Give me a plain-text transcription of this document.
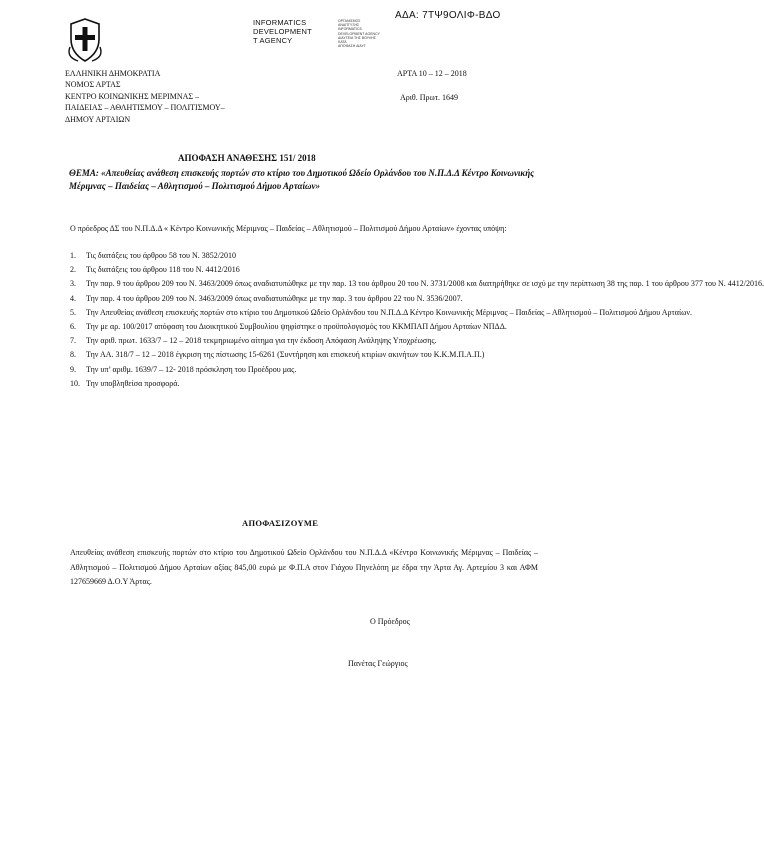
ΑΔΑ: 7ΤΨ9ΟΛΙΦ-ΒΔΟ
INFORMATICS
DEVELOPMENT
T AGENCY
ΟΡΓΑΝΙΣΜΟΣ
ΑΝΑΠΤΥΞΗΣ
INFORMATICS
DEVELOPMENT AGENCY
ΔΙΑΥΓΕΙΑ ΤΗΣ ΒΟΥΛΗΣ
ΚΑΤΑ
ΑΠΟΦΑΣΗ ΔΙΑΥΓ
ΕΛΛΗΝΙΚΗ ΔΗΜΟΚΡΑΤΙΑ
ΝΟΜΟΣ ΑΡΤΑΣ
ΚΕΝΤΡΟ ΚΟΙΝΩΝΙΚΗΣ ΜΕΡΙΜΝΑΣ –
ΠΑΙΔΕΙΑΣ – ΑΘΛΗΤΙΣΜΟΥ – ΠΟΛΙΤΙΣΜΟΥ–
ΔΗΜΟΥ ΑΡΤΑΙΩΝ
ΑΡΤΑ 10 – 12 – 2018
Αριθ. Πρωτ. 1649
ΑΠΟΦΑΣΗ ΑΝΑΘΕΣΗΣ 151/ 2018
ΘΕΜΑ: «Απευθείας ανάθεση επισκευής πορτών στο κτίριο του Δημοτικού Ωδείο Ορλάνδου του Ν.Π.Δ.Δ Κέντρο Κοινωνικής Μέριμνας – Παιδείας – Αθλητισμού – Πολιτισμού Δήμου Αρταίων»
Ο πρόεδρος ΔΣ του Ν.Π.Δ.Δ « Κέντρο Κοινωνικής Μέριμνας – Παιδείας – Αθλητισμού – Πολιτισμού Δήμου Αρταίων» έχοντας υπόψη:
1. Τις διατάξεις του άρθρου 58 του Ν. 3852/2010
2. Τις διατάξεις του άρθρου 118 του Ν. 4412/2016
3. Την παρ. 9 του άρθρου 209 του Ν. 3463/2009 όπως αναδιατυπώθηκε με την παρ. 13 του άρθρου 20 του Ν. 3731/2008 και διατηρήθηκε σε ισχύ με την περίπτωση 38 της παρ. 1 του άρθρου 377 του Ν. 4412/2016.
4. Την παρ. 4 του άρθρου 209 του Ν. 3463/2009 όπως αναδιατυπώθηκε με την παρ. 3 του άρθρου 22 του Ν. 3536/2007.
5. Την Απευθείας ανάθεση επισκευής πορτών στο κτίριο του Δημοτικού Ωδείο Ορλάνδου του Ν.Π.Δ.Δ Κέντρο Κοινωνικής Μέριμνας – Παιδείας – Αθλητισμού – Πολιτισμού Δήμου Αρταίων.
6. Την με αρ. 100/2017 απόφαση του Διοικητικού Συμβουλίου ψηφίστηκε ο προϋπολογισμός του ΚΚΜΠΑΠ Δήμου Αρταίων ΝΠΔΔ.
7. Την αριθ. πρωτ. 1633/7 – 12 – 2018 τεκμηριωμένο αίτημα για την έκδοση Απόφαση Ανάληψης Υποχρέωσης.
8. Την ΑΑ. 318/7 – 12 – 2018 έγκριση της πίστωσης 15-6261 (Συντήρηση και επισκευή κτιρίων ακινήτων του Κ.Κ.Μ.Π.Α.Π.)
9. Την υπ’ αριθμ. 1639/7 – 12- 2018 πρόσκληση του Προέδρου μας.
10. Την υποβληθείσα προσφορά.
ΑΠΟΦΑΣΙΖΟΥΜΕ
Απευθείας ανάθεση επισκευής πορτών στο κτίριο του Δημοτικού Ωδείο Ορλάνδου του Ν.Π.Δ.Δ «Κέντρο Κοινωνικής Μέριμνας – Παιδείας – Αθλητισμού – Πολιτισμού Δήμου Αρταίων αξίας 845,00 ευρώ με Φ.Π.Α στον Γιάχου Πηνελόπη με έδρα την Άρτα Αγ. Αρτεμίου 3 και ΑΦΜ 127659669 Δ.Ο.Υ Άρτας.
Ο Πρόεδρος
Πανέτας Γεώργιος
